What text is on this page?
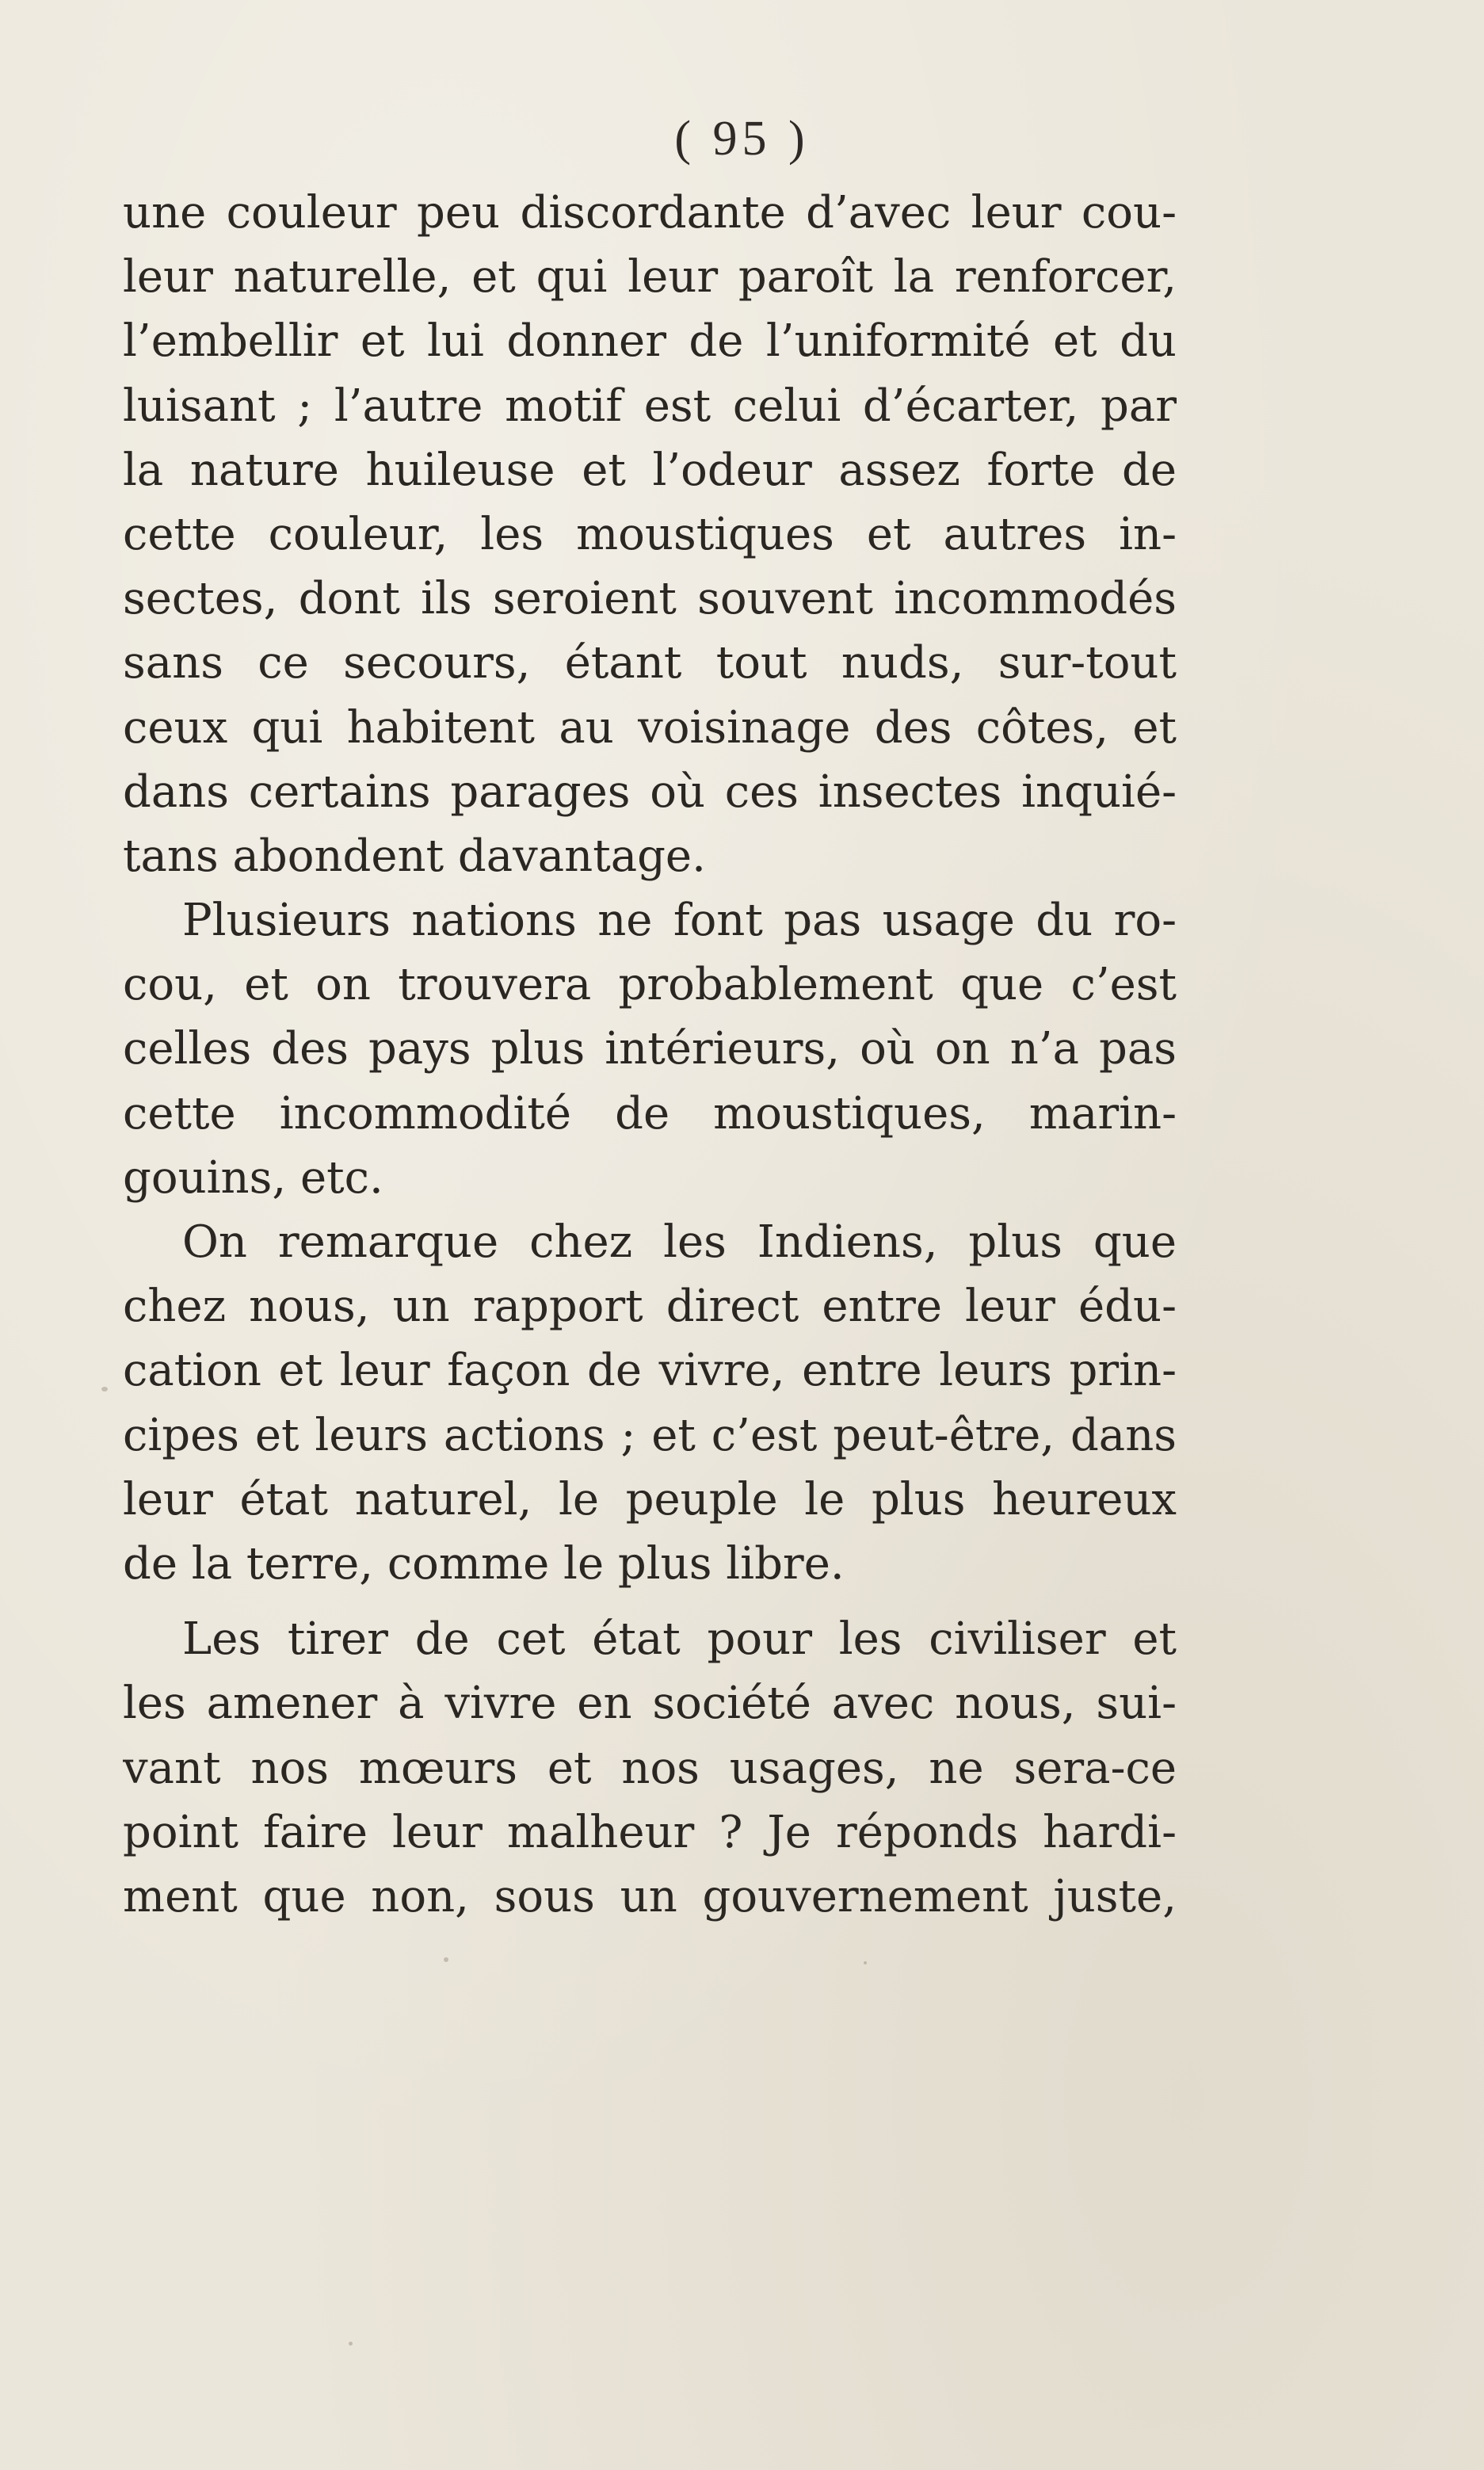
( 95 )
une couleur peu discordante d’avec leur cou-
leur naturelle, et qui leur paroît la renforcer,
l’embellir et lui donner de l’uniformité et du
luisant ; l’autre motif est celui d’écarter, par
la nature huileuse et l’odeur assez forte de
cette couleur, les moustiques et autres in-
sectes, dont ils seroient souvent incommodés
sans ce secours, étant tout nuds, sur-tout
ceux qui habitent au voisinage des côtes, et
dans certains parages où ces insectes inquié-
tans abondent davantage.
Plusieurs nations ne font pas usage du ro-
cou, et on trouvera probablement que c’est
celles des pays plus intérieurs, où on n’a pas
cette incommodité de moustiques, marin-
gouins, etc.
On remarque chez les Indiens, plus que
chez nous, un rapport direct entre leur édu-
cation et leur façon de vivre, entre leurs prin-
cipes et leurs actions ; et c’est peut-être, dans
leur état naturel, le peuple le plus heureux
de la terre, comme le plus libre.
Les tirer de cet état pour les civiliser et
les amener à vivre en société avec nous, sui-
vant nos mœurs et nos usages, ne sera-ce
point faire leur malheur ? Je réponds hardi-
ment que non, sous un gouvernement juste,
